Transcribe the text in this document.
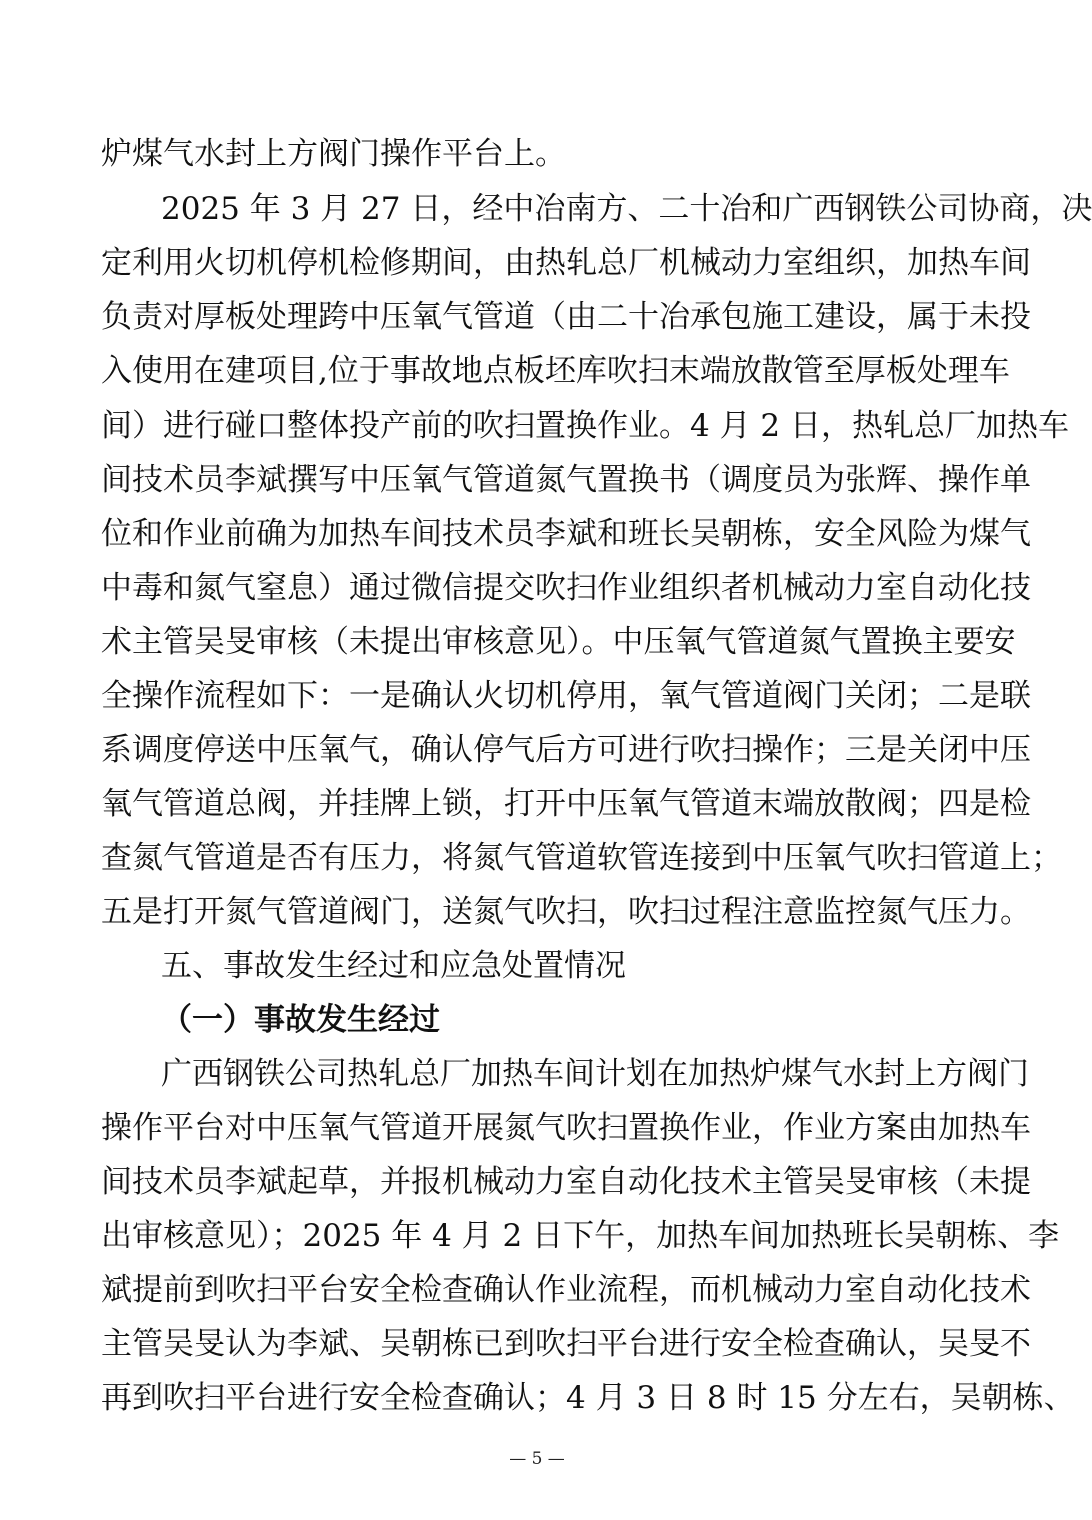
炉煤气水封上方阀门操作平台上。
2025 年 3 月 27 日，经中冶南方、二十冶和广西钢铁公司协商，决
定利用火切机停机检修期间，由热轧总厂机械动力室组织，加热车间
负责对厚板处理跨中压氧气管道（由二十冶承包施工建设，属于未投
入使用在建项目,位于事故地点板坯库吹扫末端放散管至厚板处理车
间）进行碰口整体投产前的吹扫置换作业。4 月 2 日，热轧总厂加热车
间技术员李斌撰写中压氧气管道氮气置换书（调度员为张辉、操作单
位和作业前确为加热车间技术员李斌和班长吴朝栋，安全风险为煤气
中毒和氮气窒息）通过微信提交吹扫作业组织者机械动力室自动化技
术主管吴旻审核（未提出审核意见）。中压氧气管道氮气置换主要安
全操作流程如下：一是确认火切机停用，氧气管道阀门关闭；二是联
系调度停送中压氧气，确认停气后方可进行吹扫操作；三是关闭中压
氧气管道总阀，并挂牌上锁，打开中压氧气管道末端放散阀；四是检
查氮气管道是否有压力，将氮气管道软管连接到中压氧气吹扫管道上；
五是打开氮气管道阀门，送氮气吹扫，吹扫过程注意监控氮气压力。
五、事故发生经过和应急处置情况
（一）事故发生经过
广西钢铁公司热轧总厂加热车间计划在加热炉煤气水封上方阀门
操作平台对中压氧气管道开展氮气吹扫置换作业，作业方案由加热车
间技术员李斌起草，并报机械动力室自动化技术主管吴旻审核（未提
出审核意见）；2025 年 4 月 2 日下午，加热车间加热班长吴朝栋、李
斌提前到吹扫平台安全检查确认作业流程，而机械动力室自动化技术
主管吴旻认为李斌、吴朝栋已到吹扫平台进行安全检查确认，吴旻不
再到吹扫平台进行安全检查确认；4 月 3 日 8 时 15 分左右，吴朝栋、
— 5 —
